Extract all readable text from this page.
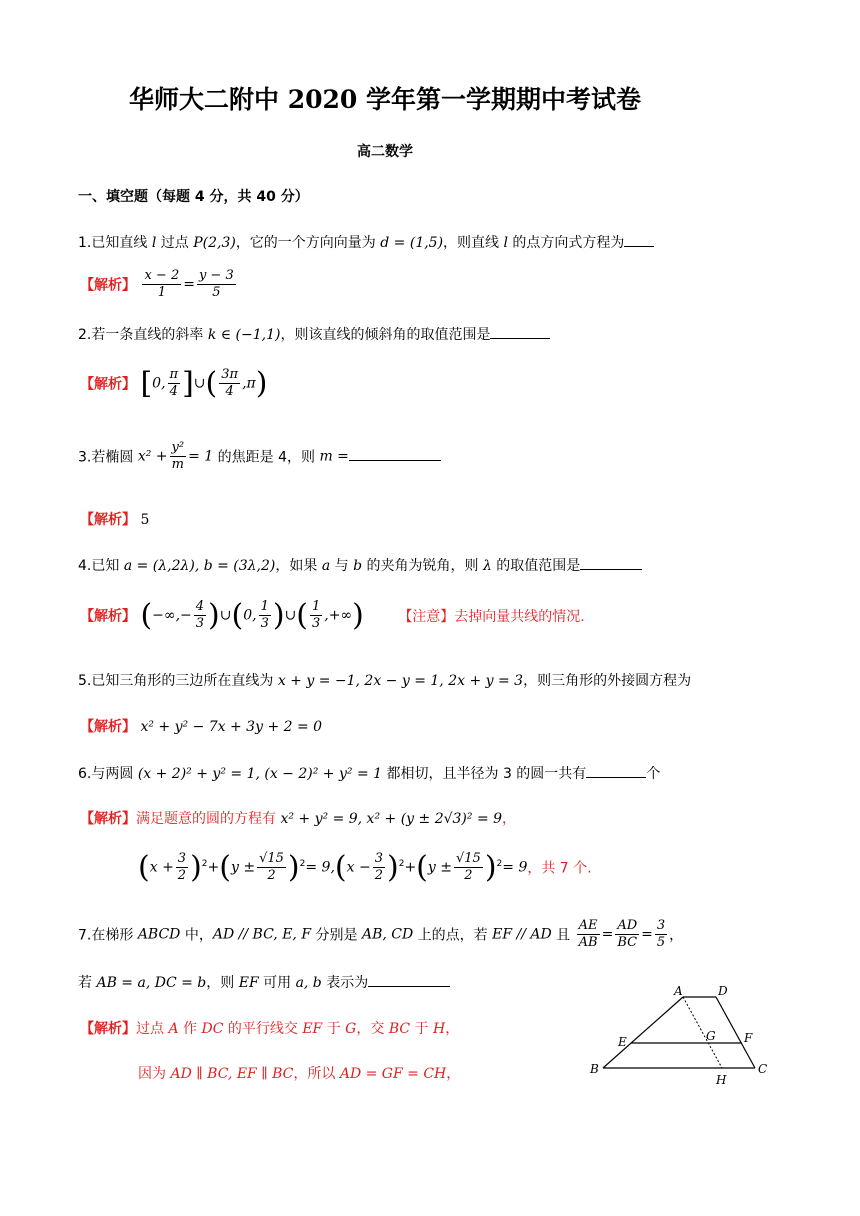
华师大二附中 2020 学年第一学期期中考试卷
高二数学
一、填空题（每题 4 分，共 40 分）
1.已知直线 l 过点 P(2,3)，它的一个方向向量为 d = (1,5)，则直线 l 的点方向式方程为
【解析】 $\frac{x - 2}{1} = \frac{y - 3}{5}$
2.若一条直线的斜率 k ∈ (−1,1)，则该直线的倾斜角的取值范围是
【解析】 [0, $\frac{\pi}{4}$ ]∪( $\frac{3\pi}{4} ,\pi$)
3.若椭圆 $x^2 + \frac{\text{y²}}{m} = 1$ 的焦距是 4，则 m =
【解析】 5
4.已知 a = (λ,2λ), b = (3λ,2)，如果 a 与 b 的夹角为锐角，则 λ 的取值范围是
【解析】 (−∞,− $\frac{4}{3}$ )∪(0, $\frac{1}{3}$ )∪( $\frac{1}{3}$ ,+∞) 【注意】去掉向量共线的情况.
5.已知三角形的三边所在直线为 x + y = −1, 2x − y = 1, 2x + y = 3，则三角形的外接圆方程为
【解析】 x² + y² − 7x + 3y + 2 = 0
6.与两圆 (x + 2)² + y² = 1, (x − 2)² + y² = 1 都相切，且半径为 3 的圆一共有	个
【解析】满足题意的圆的方程有 x² + y² = 9, x² + (y ± 2√3)² = 9，
$(x + \frac{3}{2} )^2+(y \pm \frac{√15}{2} )^2= 9,(x - \frac{3}{2} )^2+(y \pm \frac{√15}{2} )^2= 9$，共 7 个.
7.在梯形 ABCD 中，AD // BC, E, F 分别是 AB, CD 上的点，若 EF // AD 且 $\frac{AE}{AB} = \frac{AD}{BC} = \frac{3}{5}$ ，
若 AB = a, DC = b，则 EF 可用 a, b 表示为
【解析】过点 A 作 DC 的平行线交 EF 于 G，交 BC 于 H，
因为 AD ∥ BC, EF ∥ BC，所以 AD = GF = CH，
A	D
E	G F
B
H
C
